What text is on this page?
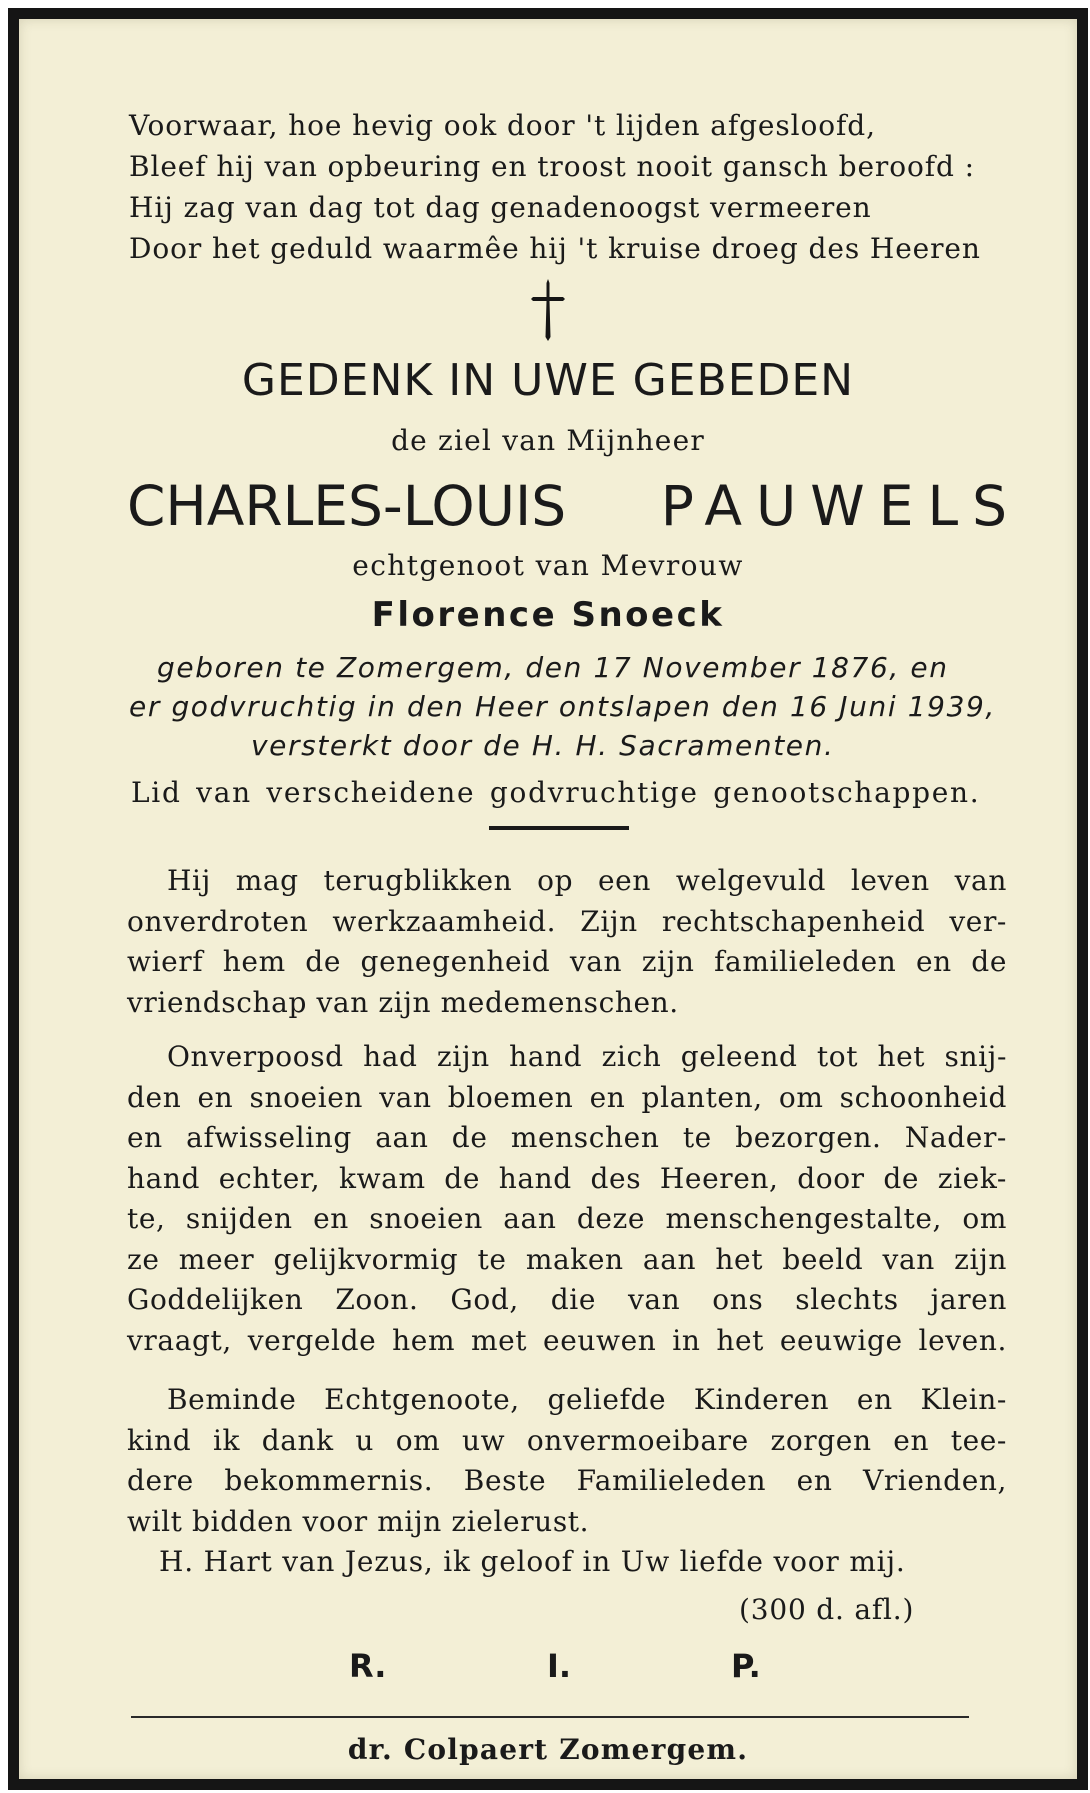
Voorwaar, hoe hevig ook door 't lijden afgesloofd,
Bleef hij van opbeuring en troost nooit gansch beroofd :
Hij zag van dag tot dag genadenoogst vermeeren
Door het geduld waarmêe hij 't kruise droeg des Heeren
GEDENK IN UWE GEBEDEN
de ziel van Mijnheer
CHARLES-LOUIS PAUWELS
echtgenoot van Mevrouw
Florence Snoeck
geboren te Zomergem, den 17 November 1876, en
er godvruchtig in den Heer ontslapen den 16 Juni 1939,
versterkt door de H. H. Sacramenten.
Lid van verscheidene godvruchtige genootschappen.
Hij mag terugblikken op een welgevuld leven van
onverdroten werkzaamheid. Zijn rechtschapenheid ver-
wierf hem de genegenheid van zijn familieleden en de
vriendschap van zijn medemenschen.
Onverpoosd had zijn hand zich geleend tot het snij-
den en snoeien van bloemen en planten, om schoonheid
en afwisseling aan de menschen te bezorgen. Nader-
hand echter, kwam de hand des Heeren, door de ziek-
te, snijden en snoeien aan deze menschengestalte, om
ze meer gelijkvormig te maken aan het beeld van zijn
Goddelijken Zoon. God, die van ons slechts jaren
vraagt, vergelde hem met eeuwen in het eeuwige leven.
Beminde Echtgenoote, geliefde Kinderen en Klein-
kind ik dank u om uw onvermoeibare zorgen en tee-
dere bekommernis. Beste Familieleden en Vrienden,
wilt bidden voor mijn zielerust.
H. Hart van Jezus, ik geloof in Uw liefde voor mij.
(300 d. afl.)
R.	I.	P.
dr. Colpaert Zomergem.
